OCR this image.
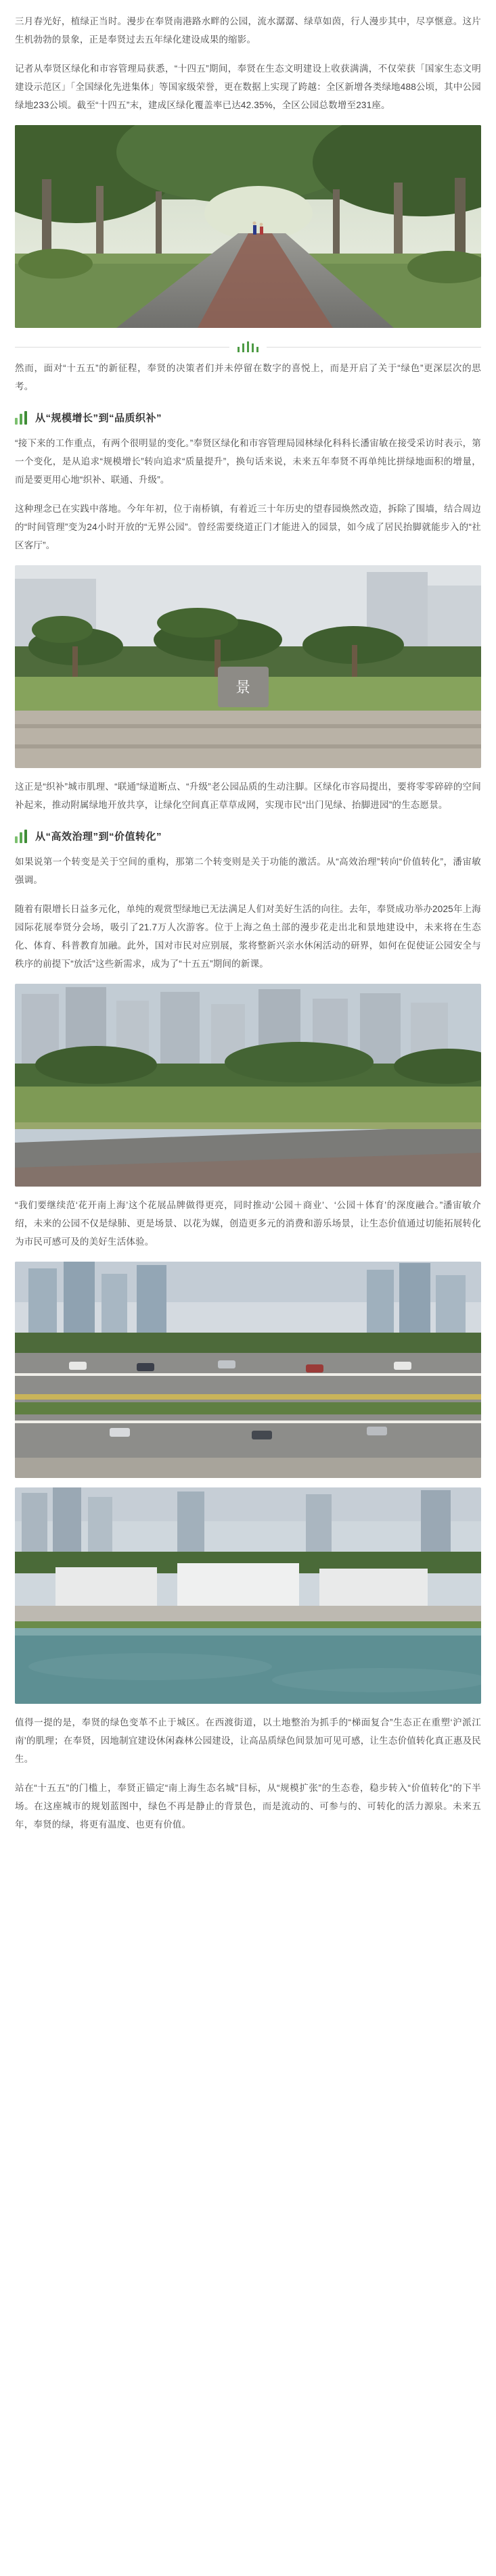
三月春光好，植绿正当时。漫步在奉贤南港路水畔的公园，流水潺潺、绿草如茵，行人漫步其中，尽享惬意。这片生机勃勃的景象，正是奉贤过去五年绿化建设成果的缩影。

记者从奉贤区绿化和市容管理局获悉，“十四五”期间，奉贤在生态文明建设上收获满满，不仅荣获「国家生态文明建设示范区」「全国绿化先进集体」等国家级荣誉，更在数据上实现了跨越：全区新增各类绿地488公顷，其中公园绿地233公顷。截至“十四五”末，建成区绿化覆盖率已达42.35%，全区公园总数增至231座。

然而，面对“十五五”的新征程，奉贤的决策者们并未停留在数字的喜悦上，而是开启了关于“绿色”更深层次的思考。

从“规模增长”到“品质织补”

“接下来的工作重点，有两个很明显的变化。”奉贤区绿化和市容管理局园林绿化科科长潘宙敏在接受采访时表示，第一个变化，是从追求“规模增长”转向追求“质量提升”，换句话来说，未来五年奉贤不再单纯比拼绿地面积的增量，而是要更用心地“织补、联通、升级”。

这种理念已在实践中落地。今年年初，位于南桥镇，有着近三十年历史的望春园焕然改造，拆除了围墙，结合周边的“时间管理”变为24小时开放的“无界公园”。曾经需要绕道正门才能进入的园景，如今成了居民抬脚就能步入的“社区客厅”。

景

这正是“织补”城市肌理、“联通”绿道断点、“升级”老公园品质的生动注脚。区绿化市容局提出，要将零零碎碎的空间补起来，推动附属绿地开放共享，让绿化空间真正草草成网，实现市民“出门见绿、抬脚进园”的生态愿景。

从“高效治理”到“价值转化”

如果说第一个转变是关于空间的重构，那第二个转变则是关于功能的激活。从“高效治理”转向“价值转化”，潘宙敏强调。

随着有限增长日益多元化，单纯的观赏型绿地已无法满足人们对美好生活的向往。去年，奉贤成功举办2025年上海园际花展奉贤分会场，吸引了21.7万人次游客。位于上海之鱼土部的漫步花走出北和景地建设中，未来将在生态化、体育、科普教育加融。此外，国对市民对应别展，浆将整新兴亲水休闲活动的研界，如何在促使证公园安全与秩序的前提下“放活”这些新需求，成为了“十五五”期间的新课。

“我们要继续范‘花开南上海’这个花展品牌做得更亮，同时推动‘公园＋商业’、‘公园＋体育’的深度融合。”潘宙敏介绍，未来的公园不仅是绿肺、更是场景、以花为媒，创造更多元的消费和游乐场景，让生态价值通过切能拓展转化为市民可感可及的美好生活体验。

值得一提的是，奉贤的绿色变革不止于城区。在西渡街道，以土地整治为抓手的“梯面复合”生态正在重塑‘沪派江南’的肌理；在奉贤，因地制宜建设休闲森林公园建设，让高品质绿色间景加可见可感，让生态价值转化真正惠及民生。

站在“十五五”的门槛上，奉贤正锚定“南上海生态名城”目标，从“规模扩张”的生态卷，稳步转入“价值转化”的下半场。在这座城市的规划蓝图中，绿色不再是静止的背景色，而是流动的、可参与的、可转化的活力源泉。未来五年，奉贤的绿，将更有温度、也更有价值。
